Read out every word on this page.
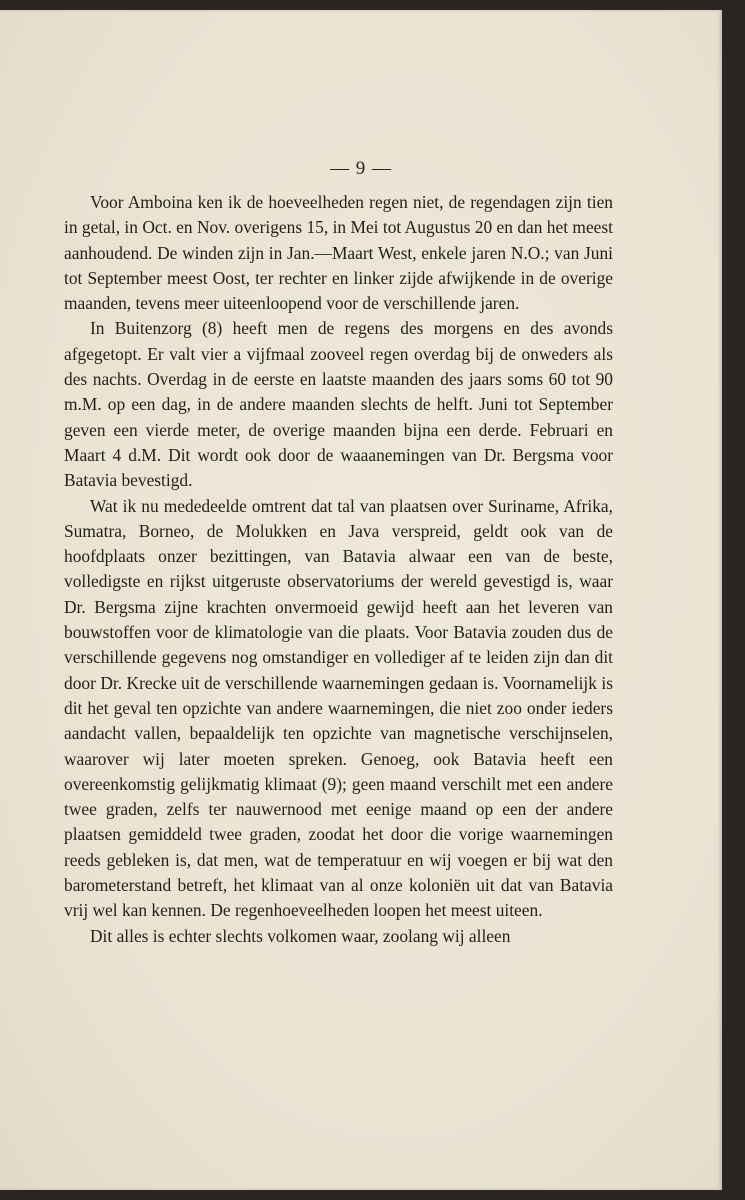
— 9 —

Voor Amboina ken ik de hoeveelheden regen niet, de regendagen zijn tien in getal, in Oct. en Nov. overigens 15, in Mei tot Augustus 20 en dan het meest aanhoudend. De winden zijn in Jan.—Maart West, enkele jaren N.O.; van Juni tot September meest Oost, ter rechter en linker zijde afwijkende in de overige maanden, tevens meer uiteenloopend voor de verschillende jaren.

In Buitenzorg (8) heeft men de regens des morgens en des avonds afgegetopt. Er valt vier a vijfmaal zooveel regen overdag bij de onweders als des nachts. Overdag in de eerste en laatste maanden des jaars soms 60 tot 90 m.M. op een dag, in de andere maanden slechts de helft. Juni tot September geven een vierde meter, de overige maanden bijna een derde. Februari en Maart 4 d.M. Dit wordt ook door de waaanemingen van Dr. Bergsma voor Batavia bevestigd.

Wat ik nu mededeelde omtrent dat tal van plaatsen over Suriname, Afrika, Sumatra, Borneo, de Molukken en Java verspreid, geldt ook van de hoofdplaats onzer bezittingen, van Batavia alwaar een van de beste, volledigste en rijkst uitgeruste observatoriums der wereld gevestigd is, waar Dr. Bergsma zijne krachten onvermoeid gewijd heeft aan het leveren van bouwstoffen voor de klimatologie van die plaats. Voor Batavia zouden dus de verschillende gegevens nog omstandiger en vollediger af te leiden zijn dan dit door Dr. Krecke uit de verschillende waarnemingen gedaan is. Voornamelijk is dit het geval ten opzichte van andere waarnemingen, die niet zoo onder ieders aandacht vallen, bepaaldelijk ten opzichte van magnetische verschijnselen, waarover wij later moeten spreken. Genoeg, ook Batavia heeft een overeenkomstig gelijkmatig klimaat (9); geen maand verschilt met een andere twee graden, zelfs ter nauwernood met eenige maand op een der andere plaatsen gemiddeld twee graden, zoodat het door die vorige waarnemingen reeds gebleken is, dat men, wat de temperatuur en wij voegen er bij wat den barometerstand betreft, het klimaat van al onze koloniën uit dat van Batavia vrij wel kan kennen. De regenhoeveelheden loopen het meest uiteen.

Dit alles is echter slechts volkomen waar, zoolang wij alleen
